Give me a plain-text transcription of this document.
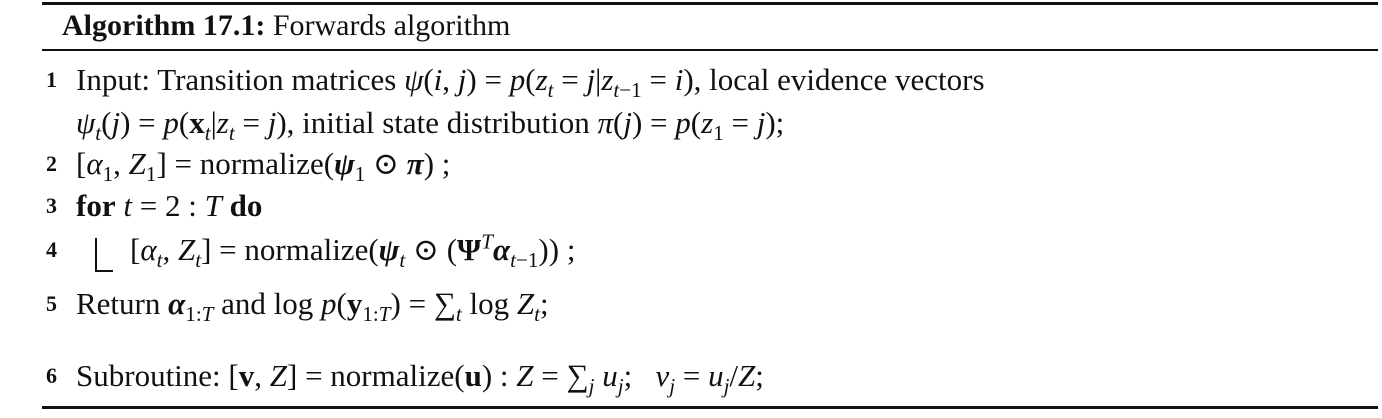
Algorithm 17.1: Forwards algorithm
1 Input: Transition matrices ψ(i, $j) = p(z_t = j|z_{t-1} = i)$, local evidence vectors
$\psi_t(j) = p(x_t|z_t = j)$, initial state distribution $\pi(j) = p(z_1 = j)$;
2 [$\alpha_1$, $Z_1$] = $normalize(\psi_1$ ⊙ π) ;
3 for t = 2 : T do
4 [$\alpha_t$, $Z_t$] = $normalize(\psi_t$ ⊙ $(\Psi^T\alpha_{t-1})$) ;
5 Return $\alpha_{1:T}$ and $\log p(y_{1:T}) = \sum_t$ $\log Z_t$;
6 Subroutine: [v, Z] = normalize(u) : $Z = \sum_j$ $u_j$;   $v_j = u_j/Z$;
